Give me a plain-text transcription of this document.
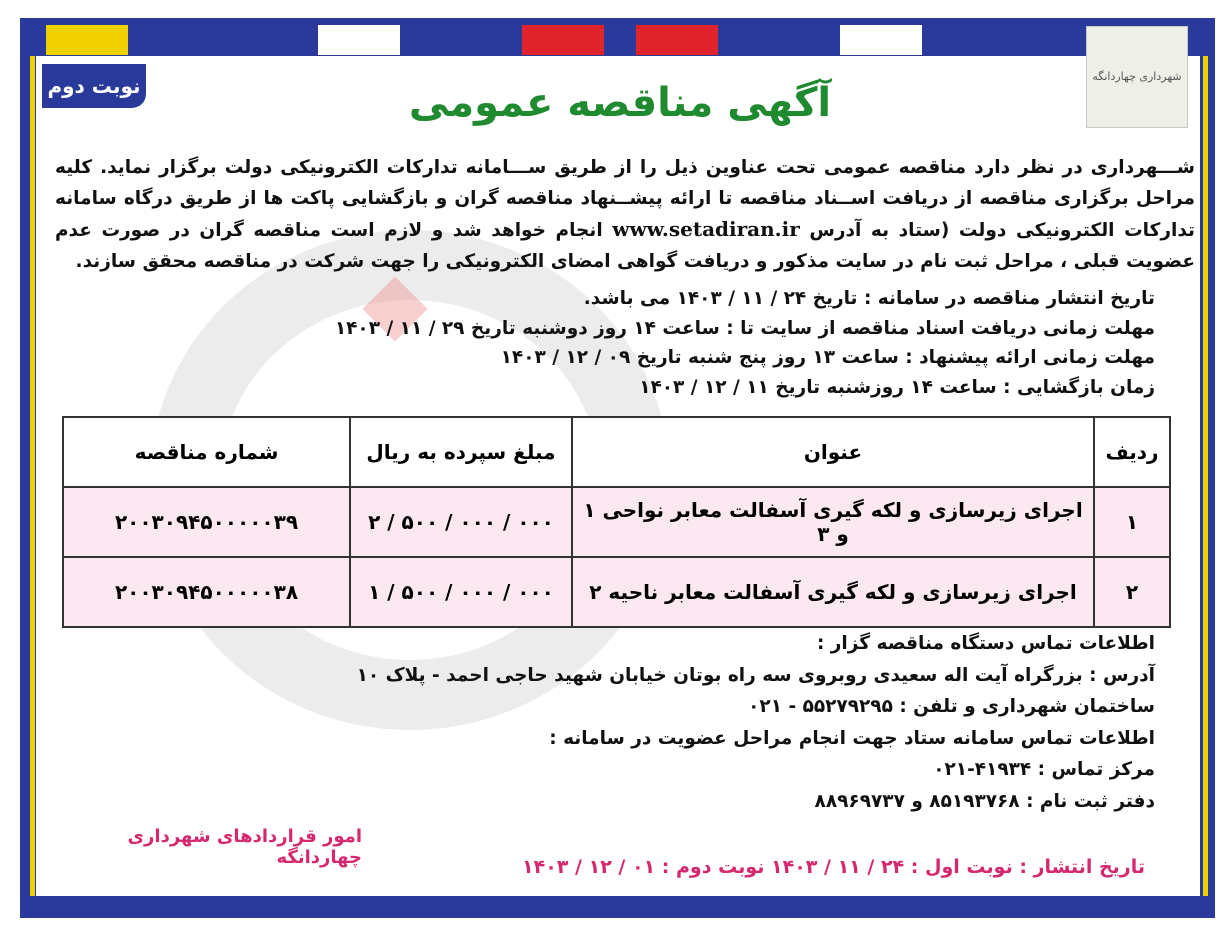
شهرداری چهاردانگه
نوبت دوم	آگهی مناقصه عمومی
شـــهرداری در نظر دارد مناقصه عمومی تحت عناوین ذیل را از طریق ســـامانه تدارکات الکترونیکی دولت برگزار نماید. کلیه مراحل برگزاری مناقصه از دریافت اســناد مناقصه تا ارائه پیشــنهاد مناقصه گران و بازگشایی پاکت ها از طریق درگاه سامانه تدارکات الکترونیکی دولت (ستاد به آدرس www.setadiran.ir انجام خواهد شد و لازم است مناقصه گران در صورت عدم عضویت قبلی ، مراحل ثبت نام در سایت مذکور و دریافت گواهی امضای الکترونیکی را جهت شرکت در مناقصه محقق سازند.
تاریخ انتشار مناقصه در سامانه : تاریخ ۲۴ / ۱۱ / ۱۴۰۳ می باشد.
مهلت زمانی دریافت اسناد مناقصه از سایت تا : ساعت ۱۴ روز دوشنبه تاریخ ۲۹ / ۱۱ / ۱۴۰۳
مهلت زمانی ارائه پیشنهاد : ساعت ۱۳ روز پنج شنبه تاریخ ۰۹ / ۱۲ / ۱۴۰۳
زمان بازگشایی : ساعت ۱۴ روزشنبه تاریخ ۱۱ / ۱۲ / ۱۴۰۳
ردیف	عنوان	مبلغ سپرده به ریال	شماره مناقصه
۱	اجرای زیرسازی و لکه گیری آسفالت معابر نواحی ۱ و ۳	۰۰۰ / ۰۰۰ / ۵۰۰ / ۲	۲۰۰۳۰۹۴۵۰۰۰۰۰۳۹
۲	اجرای زیرسازی و لکه گیری آسفالت معابر ناحیه ۲	۰۰۰ / ۰۰۰ / ۵۰۰ / ۱	۲۰۰۳۰۹۴۵۰۰۰۰۰۳۸
اطلاعات تماس دستگاه مناقصه گزار :
آدرس : بزرگراه آیت اله سعیدی روبروی سه راه بوتان خیابان شهید حاجی احمد - پلاک ۱۰
ساختمان شهرداری و تلفن : ۵۵۲۷۹۲۹۵ - ۰۲۱
اطلاعات تماس سامانه ستاد جهت انجام مراحل عضویت در سامانه :
مرکز تماس : ۴۱۹۳۴-۰۲۱
دفتر ثبت نام : ۸۵۱۹۳۷۶۸ و ۸۸۹۶۹۷۳۷
امور قراردادهای شهرداری چهاردانگه	تاریخ انتشار : نوبت اول : ۲۴ / ۱۱ / ۱۴۰۳ نوبت دوم : ۰۱ / ۱۲ / ۱۴۰۳
